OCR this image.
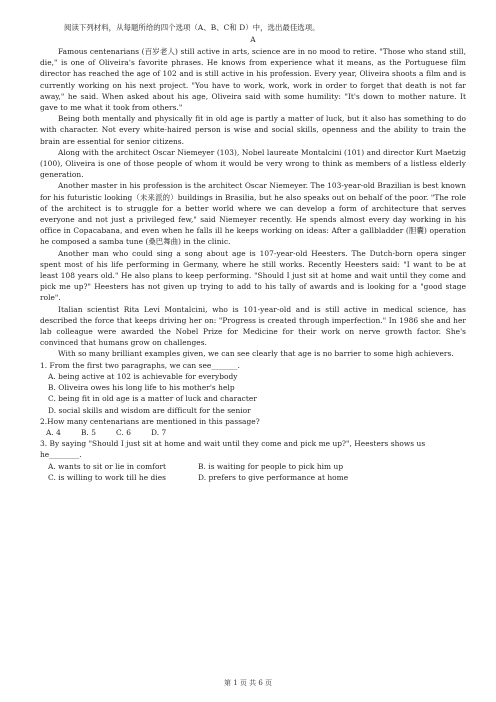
阅读下列材料，从每题所给的四个选项（A、B、C和 D）中，选出最佳选项。
A

Famous centenarians (百岁老人) still active in arts, science are in no mood to retire. "Those who stand still, die," is one of Oliveira's favorite phrases. He knows from experience what it means, as the Portuguese film director has reached the age of 102 and is still active in his profession. Every year, Oliveira shoots a film and is currently working on his next project. "You have to work, work, work in order to forget that death is not far away," he said. When asked about his age, Oliveira said with some humility: "It's down to mother nature. It gave to me what it took from others."

Being both mentally and physically fit in old age is partly a matter of luck, but it also has something to do with character. Not every white-haired person is wise and social skills, openness and the ability to train the brain are essential for senior citizens.

Along with the architect Oscar Niemeyer (103), Nobel laureate Montalcini (101) and director Kurt Maetzig (100), Oliveira is one of those people of whom it would be very wrong to think as members of a listless elderly generation.

Another master in his profession is the architect Oscar Niemeyer. The 103-year-old Brazilian is best known for his futuristic looking（未来派的）buildings in Brasilia, but he also speaks out on behalf of the poor. "The role of the architect is to struggle for a better world where we can develop a form of architecture that serves everyone and not just a privileged few," said Niemeyer recently. He spends almost every day working in his office in Copacabana, and even when he falls ill he keeps working on ideas: After a gallbladder (胆囊) operation he composed a samba tune (桑巴舞曲) in the clinic.

Another man who could sing a song about age is 107-year-old Heesters. The Dutch-born opera singer spent most of his life performing in Germany, where he still works. Recently Heesters said: "I want to be at least 108 years old." He also plans to keep performing. "Should I just sit at home and wait until they come and pick me up?" Heesters has not given up trying to add to his tally of awards and is looking for a "good stage role".

Italian scientist Rita Levi Montalcini, who is 101-year-old and is still active in medical science, has described the force that keeps driving her on: "Progress is created through imperfection." In 1986 she and her lab colleague were awarded the Nobel Prize for Medicine for their work on nerve growth factor. She's convinced that humans grow on challenges.

With so many brilliant examples given, we can see clearly that age is no barrier to some high achievers.

1. From the first two paragraphs, we can see_______.
A. being active at 102 is achievable for everybody
B. Oliveira owes his long life to his mother's help
C. being fit in old age is a matter of luck and character
D. social skills and wisdom are difficult for the senior
2.How many centenarians are mentioned in this passage?
A. 4	B. 5	C. 6	D. 7
3. By saying "Should I just sit at home and wait until they come and pick me up?", Heesters shows us he________.
A. wants to sit or lie in comfort	B. is waiting for people to pick him up
C. is willing to work till he dies	D. prefers to give performance at home
第 1 页 共 6 页
